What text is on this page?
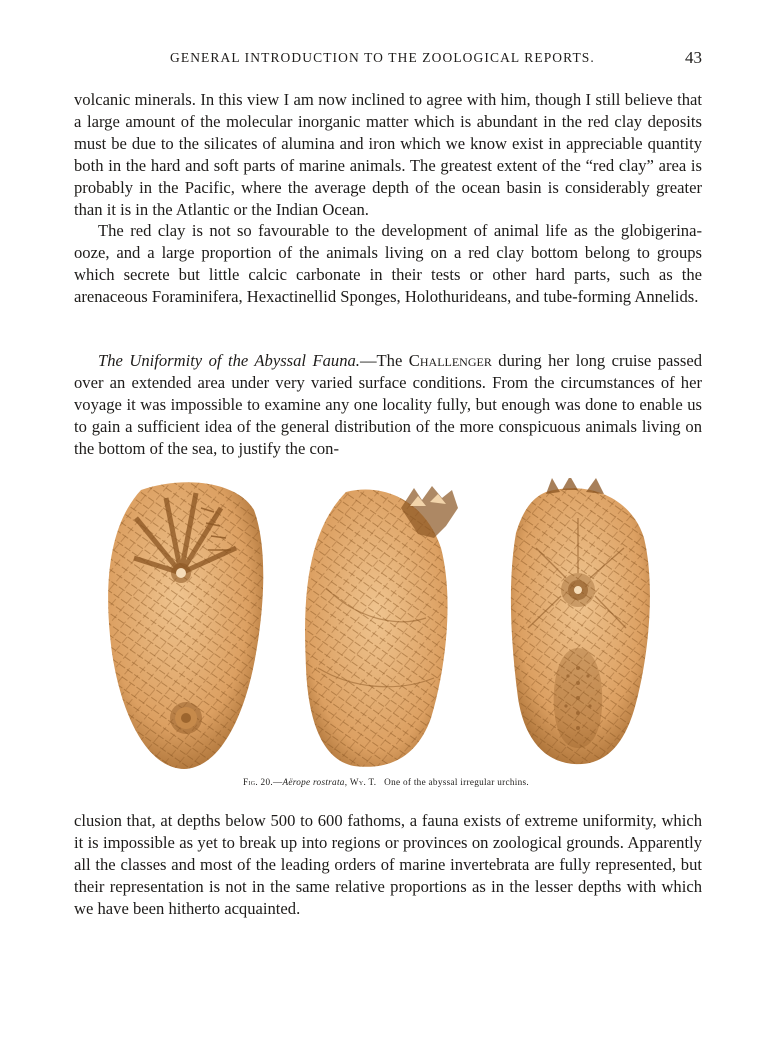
GENERAL INTRODUCTION TO THE ZOOLOGICAL REPORTS.	43

volcanic minerals. In this view I am now inclined to agree with him, though I still believe that a large amount of the molecular inorganic matter which is abundant in the red clay deposits must be due to the silicates of alumina and iron which we know exist in appreciable quantity both in the hard and soft parts of marine animals. The greatest extent of the “red clay” area is probably in the Pacific, where the average depth of the ocean basin is considerably greater than it is in the Atlantic or the Indian Ocean.

The red clay is not so favourable to the development of animal life as the globigerina-ooze, and a large proportion of the animals living on a red clay bottom belong to groups which secrete but little calcic carbonate in their tests or other hard parts, such as the arenaceous Foraminifera, Hexactinellid Sponges, Holothurideans, and tube-forming Annelids.

The Uniformity of the Abyssal Fauna.—The Challenger during her long cruise passed over an extended area under very varied surface conditions. From the circumstances of her voyage it was impossible to examine any one locality fully, but enough was done to enable us to gain a sufficient idea of the general distribution of the more conspicuous animals living on the bottom of the sea, to justify the con-

Fig. 20.—Aërope rostrata, Wy. T. One of the abyssal irregular urchins.

clusion that, at depths below 500 to 600 fathoms, a fauna exists of extreme uniformity, which it is impossible as yet to break up into regions or provinces on zoological grounds. Apparently all the classes and most of the leading orders of marine invertebrata are fully represented, but their representation is not in the same relative proportions as in the lesser depths with which we have been hitherto acquainted.
